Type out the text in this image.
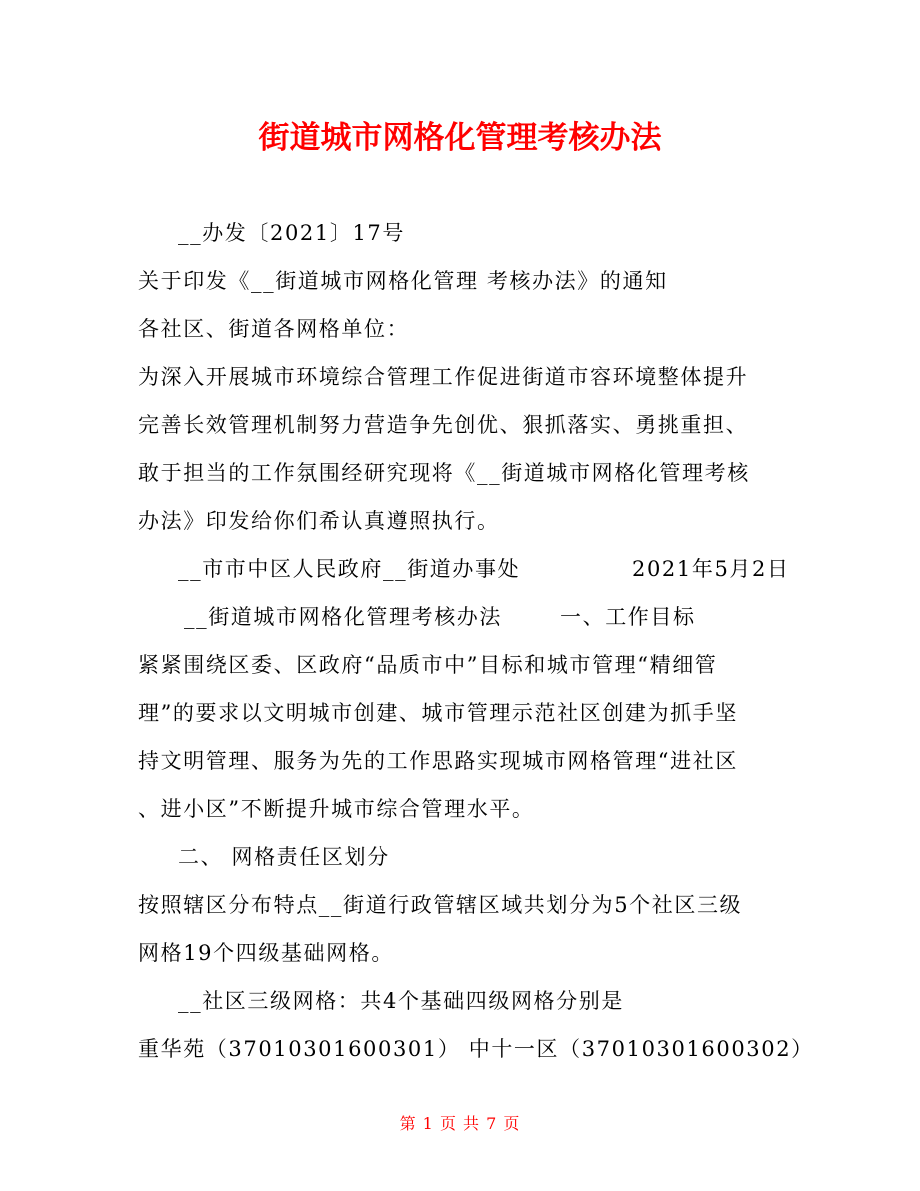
街道城市网格化管理考核办法
__办发〔2021〕17号
关于印发《__街道城市网格化管理 考核办法》的通知
各社区、街道各网格单位：
为深入开展城市环境综合管理工作促进街道市容环境整体提升
完善长效管理机制努力营造争先创优、狠抓落实、勇挑重担、
敢于担当的工作氛围经研究现将《__街道城市网格化管理考核
办法》印发给你们希认真遵照执行。
__市市中区人民政府__街道办事处	2021年5月2日
__街道城市网格化管理考核办法	一、工作目标
紧紧围绕区委、区政府“品质市中”目标和城市管理“精细管
理”的要求以文明城市创建、城市管理示范社区创建为抓手坚
持文明管理、服务为先的工作思路实现城市网格管理“进社区
、进小区”不断提升城市综合管理水平。
二、 网格责任区划分
按照辖区分布特点__街道行政管辖区域共划分为5个社区三级
网格19个四级基础网格。
__社区三级网格：共4个基础四级网格分别是
重华苑（37010301600301） 中十一区（37010301600302）
第 1 页 共 7 页
